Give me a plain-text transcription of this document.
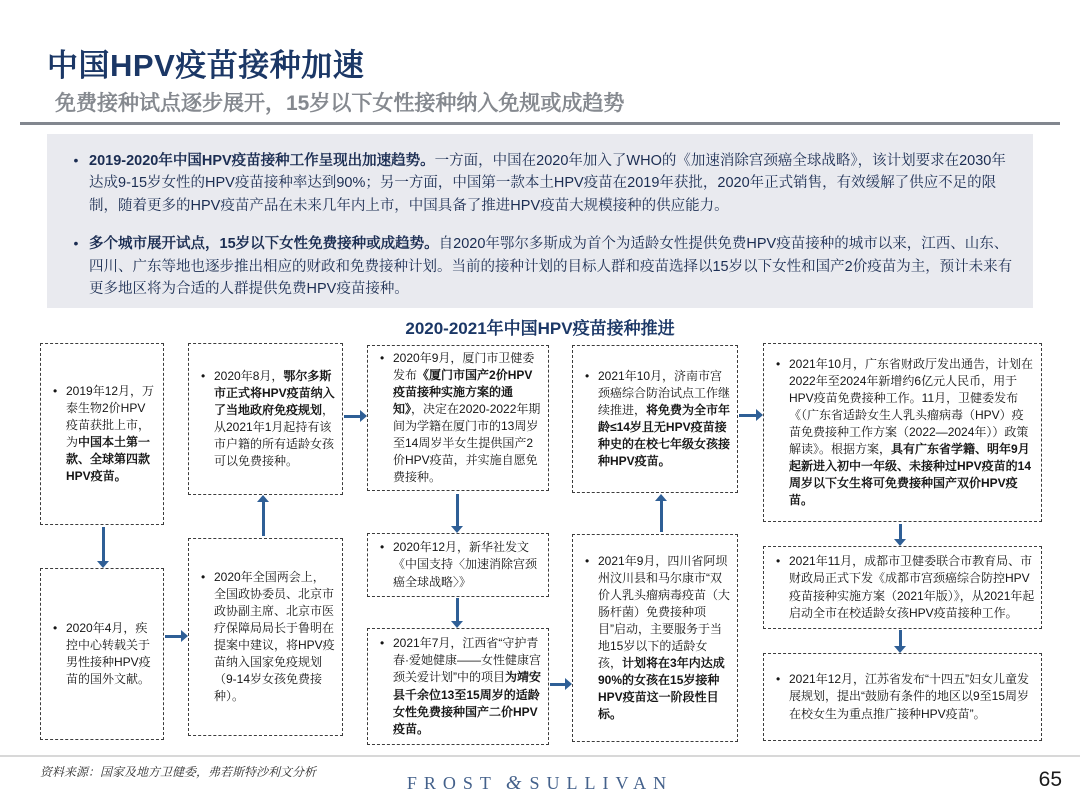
中国HPV疫苗接种加速
免费接种试点逐步展开，15岁以下女性接种纳入免规或成趋势
• 2019-2020年中国HPV疫苗接种工作呈现出加速趋势。一方面，中国在2020年加入了WHO的《加速消除宫颈癌全球战略》，该计划要求在2030年达成9-15岁女性的HPV疫苗接种率达到90%；另一方面，中国第一款本土HPV疫苗在2019年获批，2020年正式销售，有效缓解了供应不足的限制，随着更多的HPV疫苗产品在未来几年内上市，中国具备了推进HPV疫苗大规模接种的供应能力。

• 多个城市展开试点，15岁以下女性免费接种或成趋势。自2020年鄂尔多斯成为首个为适龄女性提供免费HPV疫苗接种的城市以来，江西、山东、四川、广东等地也逐步推出相应的财政和免费接种计划。当前的接种计划的目标人群和疫苗选择以15岁以下女性和国产2价疫苗为主，预计未来有更多地区将为合适的人群提供免费HPV疫苗接种。

2020-2021年中国HPV疫苗接种推进
• 2019年12月，万泰生物2价HPV疫苗获批上市，为中国本土第一款、全球第四款HPV疫苗。

• 2020年4月，疾控中心转载关于男性接种HPV疫苗的国外文献。

• 2020年8月，鄂尔多斯市正式将HPV疫苗纳入了当地政府免疫规划，从2021年1月起持有该市户籍的所有适龄女孩可以免费接种。

• 2020年全国两会上，全国政协委员、北京市政协副主席、北京市医疗保障局局长于鲁明在提案中建议，将HPV疫苗纳入国家免疫规划（9-14岁女孩免费接种）。

• 2020年9月，厦门市卫健委发布《厦门市国产2价HPV疫苗接种实施方案的通知》，决定在2020-2022年期间为学籍在厦门市的13周岁至14周岁半女生提供国产2价HPV疫苗，并实施自愿免费接种。

• 2020年12月，新华社发文《中国支持〈加速消除宫颈癌全球战略〉》

• 2021年7月，江西省“守护青春·爱她健康——女性健康宫颈关爱计划”中的项目为靖安县千余位13至15周岁的适龄女性免费接种国产二价HPV疫苗。

• 2021年10月，济南市宫颈癌综合防治试点工作继续推进，将免费为全市年龄≤14岁且无HPV疫苗接种史的在校七年级女孩接种HPV疫苗。

• 2021年9月，四川省阿坝州汶川县和马尔康市“双价人乳头瘤病毒疫苗（大肠杆菌）免费接种项目”启动，主要服务于当地15岁以下的适龄女孩，计划将在3年内达成90%的女孩在15岁接种HPV疫苗这一阶段性目标。

• 2021年10月，广东省财政厅发出通告，计划在2022年至2024年新增约6亿元人民币，用于HPV疫苗免费接种工作。11月，卫健委发布《（广东省适龄女生人乳头瘤病毒（HPV）疫苗免费接种工作方案（2022—2024年））政策解读》。根据方案，具有广东省学籍、明年9月起新进入初中一年级、未接种过HPV疫苗的14周岁以下女生将可免费接种国产双价HPV疫苗。

• 2021年11月，成都市卫健委联合市教育局、市财政局正式下发《成都市宫颈癌综合防控HPV疫苗接种实施方案（2021年版）》，从2021年起启动全市在校适龄女孩HPV疫苗接种工作。

• 2021年12月，江苏省发布“十四五”妇女儿童发展规划，提出“鼓励有条件的地区以9至15周岁在校女生为重点推广接种HPV疫苗”。

资料来源：国家及地方卫健委，弗若斯特沙利文分析
FROST & SULLIVAN	65
